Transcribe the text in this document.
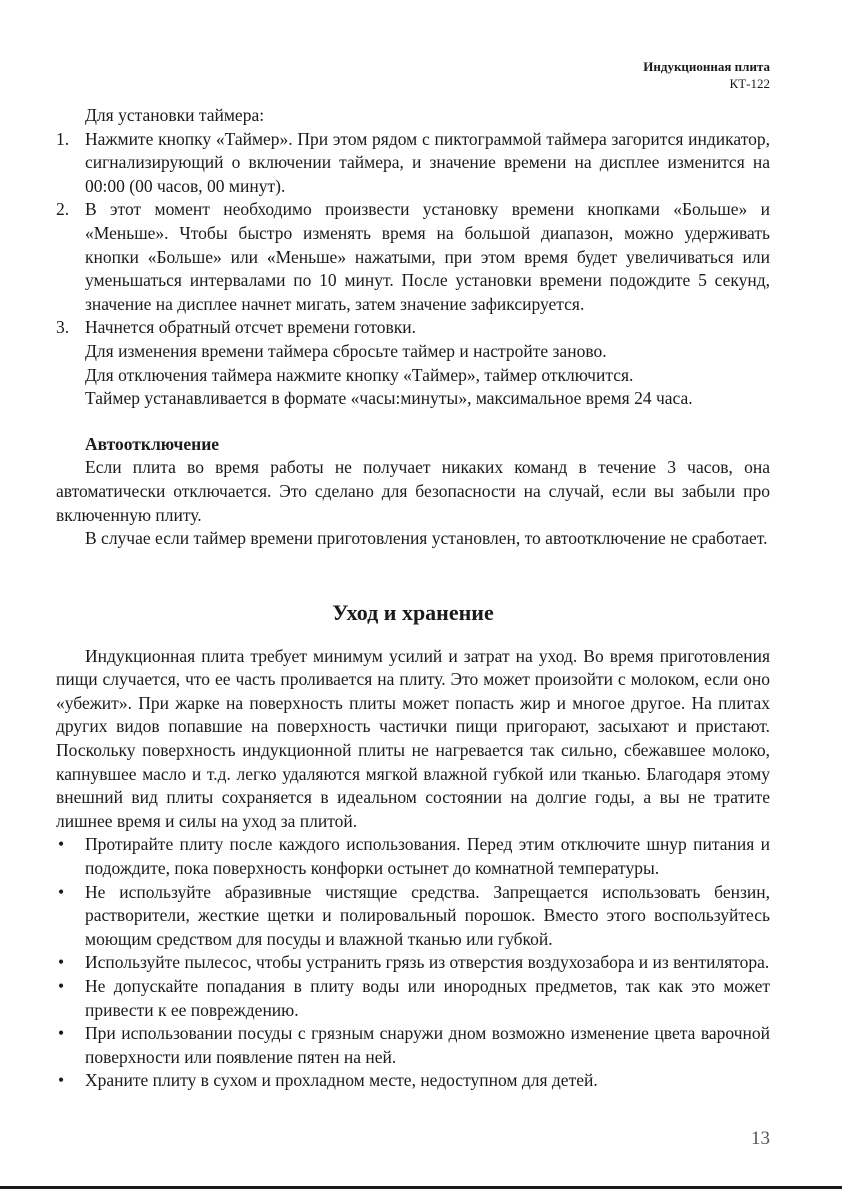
Индукционная плита
КТ-122

Для установки таймера:

1. Нажмите кнопку «Таймер». При этом рядом с пиктограммой таймера загорится индикатор, сигнализирующий о включении таймера, и значение времени на дисплее изменится на 00:00 (00 часов, 00 минут).
2. В этот момент необходимо произвести установку времени кнопками «Больше» и «Меньше». Чтобы быстро изменять время на большой диапазон, можно удерживать кнопки «Больше» или «Меньше» нажатыми, при этом время будет увеличиваться или уменьшаться интервалами по 10 минут. После установки времени подождите 5 секунд, значение на дисплее начнет мигать, затем значение зафиксируется.
3. Начнется обратный отсчет времени готовки.

Для изменения времени таймера сбросьте таймер и настройте заново.

Для отключения таймера нажмите кнопку «Таймер», таймер отключится.

Таймер устанавливается в формате «часы:минуты», максимальное время 24 часа.

Автоотключение

Если плита во время работы не получает никаких команд в течение 3 часов, она автоматически отключается. Это сделано для безопасности на случай, если вы забыли про включенную плиту.

В случае если таймер времени приготовления установлен, то автоотключение не сработает.

Уход и хранение

Индукционная плита требует минимум усилий и затрат на уход. Во время приготовления пищи случается, что ее часть проливается на плиту. Это может произойти с молоком, если оно «убежит». При жарке на поверхность плиты может попасть жир и многое другое. На плитах других видов попавшие на поверхность частички пищи пригорают, засыхают и пристают. Поскольку поверхность индукционной плиты не нагревается так сильно, сбежавшее молоко, капнувшее масло и т.д. легко удаляются мягкой влажной губкой или тканью. Благодаря этому внешний вид плиты сохраняется в идеальном состоянии на долгие годы, а вы не тратите лишнее время и силы на уход за плитой.

• Протирайте плиту после каждого использования. Перед этим отключите шнур питания и подождите, пока поверхность конфорки остынет до комнатной температуры.
• Не используйте абразивные чистящие средства. Запрещается использовать бензин, растворители, жесткие щетки и полировальный порошок. Вместо этого воспользуйтесь моющим средством для посуды и влажной тканью или губкой.
• Используйте пылесос, чтобы устранить грязь из отверстия воздухозабора и из вентилятора.
• Не допускайте попадания в плиту воды или инородных предметов, так как это может привести к ее повреждению.
• При использовании посуды с грязным снаружи дном возможно изменение цвета варочной поверхности или появление пятен на ней.
• Храните плиту в сухом и прохладном месте, недоступном для детей.
13
